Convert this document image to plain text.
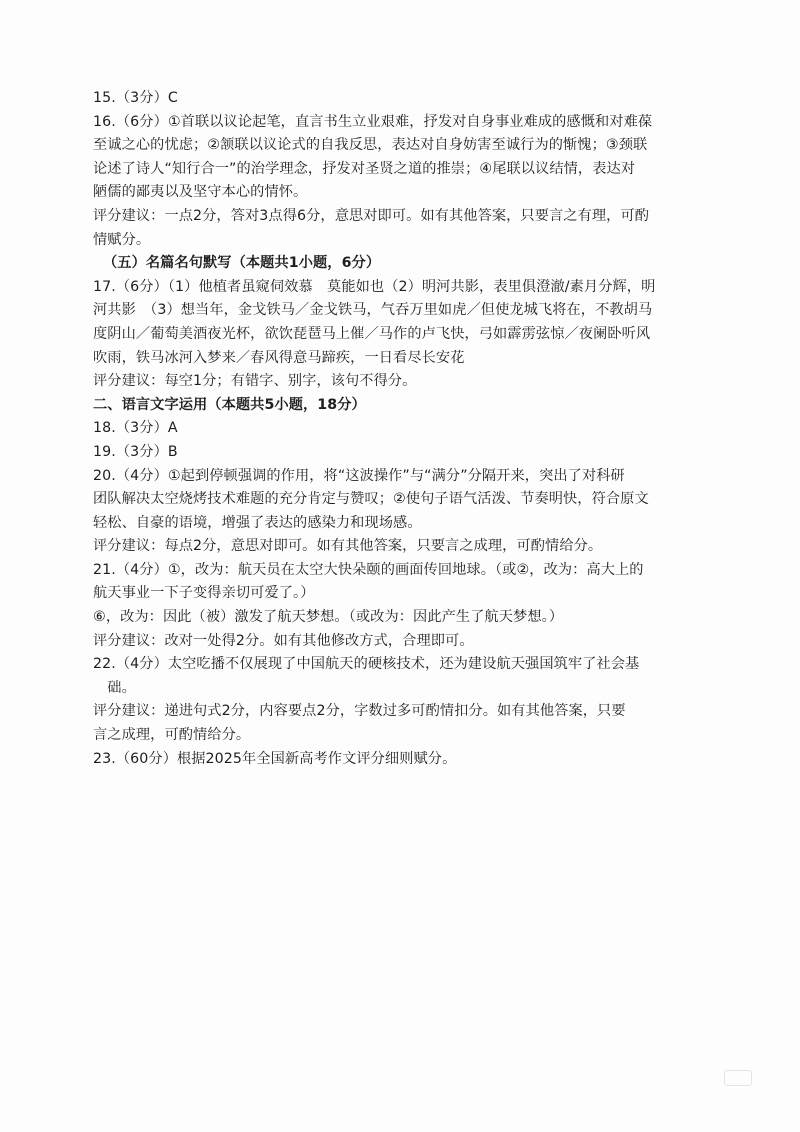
15.（3分）C
16.（6分）①首联以议论起笔，直言书生立业艰难，抒发对自身事业难成的感慨和对难葆
至诚之心的忧虑；②颔联以议论式的自我反思，表达对自身妨害至诚行为的惭愧；③颈联
论述了诗人“知行合一”的治学理念，抒发对圣贤之道的推崇；④尾联以议结情，表达对
陋儒的鄙夷以及坚守本心的情怀。
评分建议：一点2分，答对3点得6分，意思对即可。如有其他答案，只要言之有理，可酌
情赋分。
（五）名篇名句默写（本题共1小题，6分）
17.（6分）（1）他植者虽窥伺效慕　莫能如也（2）明河共影，表里俱澄澈/素月分辉，明
河共影　（3）想当年，金戈铁马／金戈铁马，气吞万里如虎／但使龙城飞将在，不教胡马
度阴山／葡萄美酒夜光杯，欲饮琵琶马上催／马作的卢飞快，弓如霹雳弦惊／夜阑卧听风
吹雨，铁马冰河入梦来／春风得意马蹄疾，一日看尽长安花
评分建议：每空1分；有错字、别字，该句不得分。
二、语言文字运用（本题共5小题，18分）
18.（3分）A
19.（3分）B
20.（4分）①起到停顿强调的作用，将“这波操作”与“满分”分隔开来，突出了对科研
团队解决太空烧烤技术难题的充分肯定与赞叹；②使句子语气活泼、节奏明快，符合原文
轻松、自豪的语境，增强了表达的感染力和现场感。
评分建议：每点2分，意思对即可。如有其他答案，只要言之成理，可酌情给分。
21.（4分）①，改为：航天员在太空大快朵颐的画面传回地球。（或②，改为：高大上的
航天事业一下子变得亲切可爱了。）
⑥，改为：因此（被）激发了航天梦想。（或改为：因此产生了航天梦想。）
评分建议：改对一处得2分。如有其他修改方式，合理即可。
22.（4分）太空吃播不仅展现了中国航天的硬核技术，还为建设航天强国筑牢了社会基
　础。
评分建议：递进句式2分，内容要点2分，字数过多可酌情扣分。如有其他答案，只要
言之成理，可酌情给分。
23.（60分）根据2025年全国新高考作文评分细则赋分。
